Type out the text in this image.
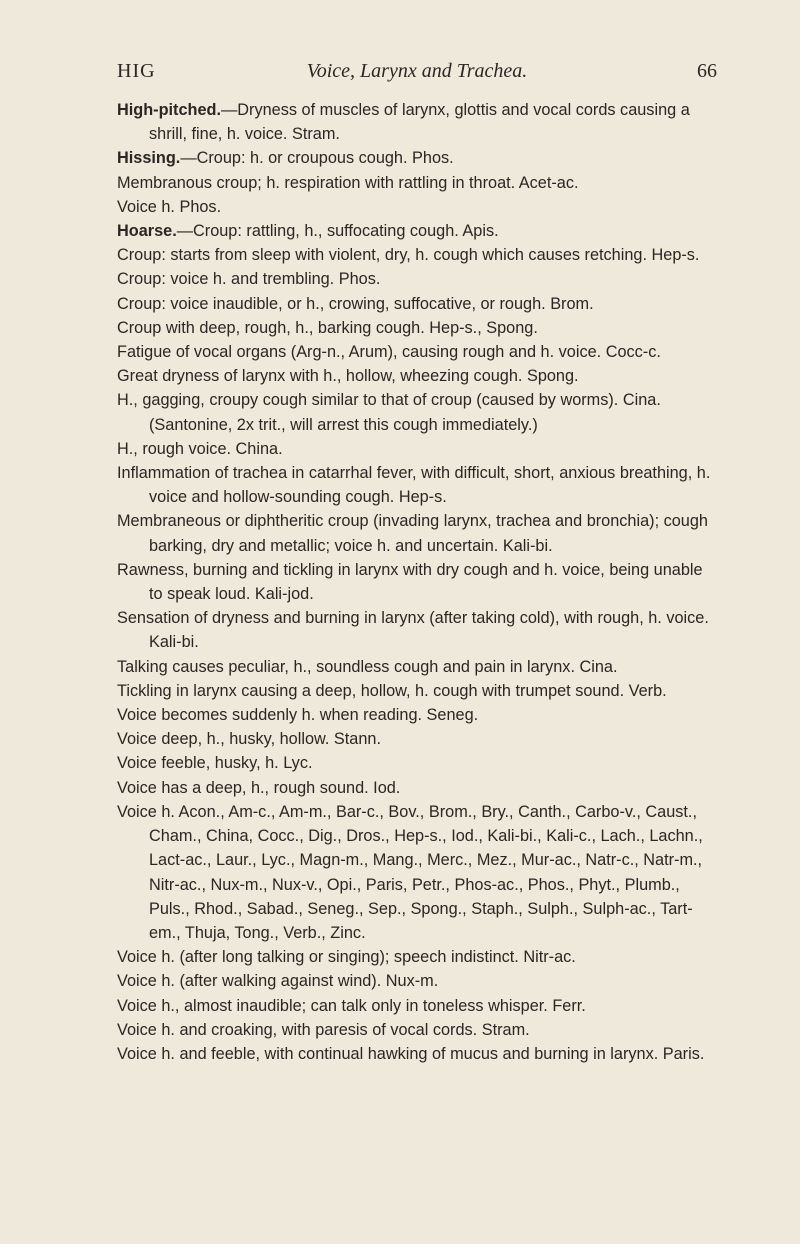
HIG	Voice, Larynx and Trachea.	66

High-pitched.—Dryness of muscles of larynx, glottis and vocal cords causing a shrill, fine, h. voice. Stram.

Hissing.—Croup: h. or croupous cough. Phos.

Membranous croup; h. respiration with rattling in throat. Acet-ac.

Voice h. Phos.

Hoarse.—Croup: rattling, h., suffocating cough. Apis.

Croup: starts from sleep with violent, dry, h. cough which causes retching. Hep-s.

Croup: voice h. and trembling. Phos.

Croup: voice inaudible, or h., crowing, suffocative, or rough. Brom.

Croup with deep, rough, h., barking cough. Hep-s., Spong.

Fatigue of vocal organs (Arg-n., Arum), causing rough and h. voice. Cocc-c.

Great dryness of larynx with h., hollow, wheezing cough. Spong.

H., gagging, croupy cough similar to that of croup (caused by worms). Cina. (Santonine, 2x trit., will arrest this cough immediately.)

H., rough voice. China.

Inflammation of trachea in catarrhal fever, with difficult, short, anxious breathing, h. voice and hollow-sounding cough. Hep-s.

Membraneous or diphtheritic croup (invading larynx, trachea and bronchia); cough barking, dry and metallic; voice h. and uncertain. Kali-bi.

Rawness, burning and tickling in larynx with dry cough and h. voice, being unable to speak loud. Kali-jod.

Sensation of dryness and burning in larynx (after taking cold), with rough, h. voice. Kali-bi.

Talking causes peculiar, h., soundless cough and pain in larynx. Cina.

Tickling in larynx causing a deep, hollow, h. cough with trumpet sound. Verb.

Voice becomes suddenly h. when reading. Seneg.

Voice deep, h., husky, hollow. Stann.

Voice feeble, husky, h. Lyc.

Voice has a deep, h., rough sound. Iod.

Voice h. Acon., Am-c., Am-m., Bar-c., Bov., Brom., Bry., Canth., Carbo-v., Caust., Cham., China, Cocc., Dig., Dros., Hep-s., Iod., Kali-bi., Kali-c., Lach., Lachn., Lact-ac., Laur., Lyc., Magn-m., Mang., Merc., Mez., Mur-ac., Natr-c., Natr-m., Nitr-ac., Nux-m., Nux-v., Opi., Paris, Petr., Phos-ac., Phos., Phyt., Plumb., Puls., Rhod., Sabad., Seneg., Sep., Spong., Staph., Sulph., Sulph-ac., Tart-em., Thuja, Tong., Verb., Zinc.

Voice h. (after long talking or singing); speech indistinct. Nitr-ac.

Voice h. (after walking against wind). Nux-m.

Voice h., almost inaudible; can talk only in toneless whisper. Ferr.

Voice h. and croaking, with paresis of vocal cords. Stram.

Voice h. and feeble, with continual hawking of mucus and burning in larynx. Paris.
